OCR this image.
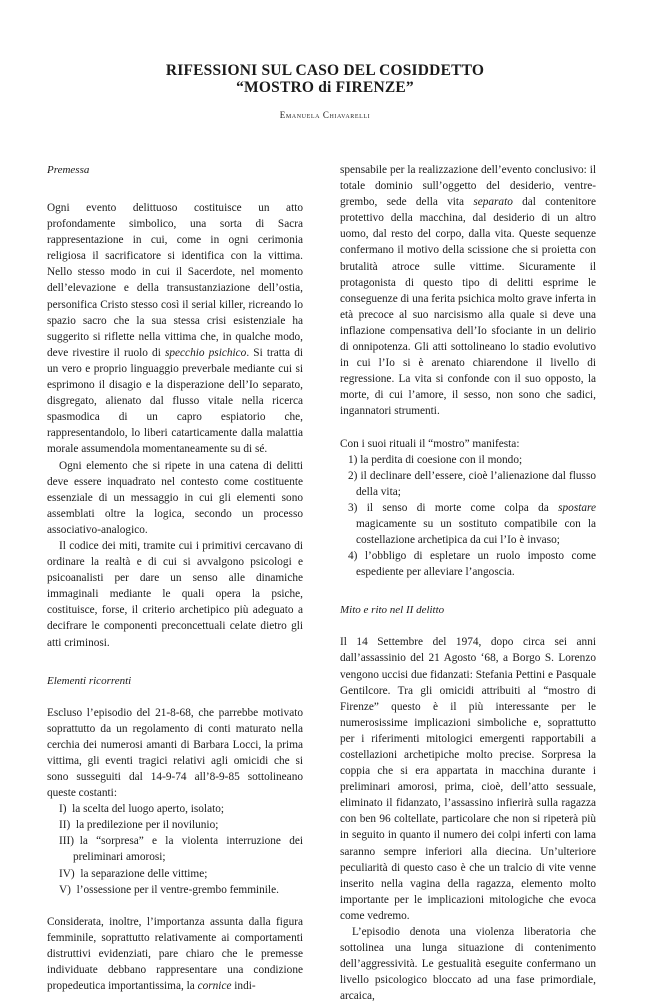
RIFESSIONI SUL CASO DEL COSIDDETTO
“MOSTRO di FIRENZE”
Emanuela Chiavarelli

Premessa

Ogni evento delittuoso costituisce un atto profondamente simbolico, una sorta di Sacra rappresentazione in cui, come in ogni cerimonia religiosa il sacrificatore si identifica con la vittima. Nello stesso modo in cui il Sacerdote, nel momento dell’elevazione e della transustanziazione dell’ostia, personifica Cristo stesso così il serial killer, ricreando lo spazio sacro che la sua stessa crisi esistenziale ha suggerito si riflette nella vittima che, in qualche modo, deve rivestire il ruolo di specchio psichico. Si tratta di un vero e proprio linguaggio preverbale mediante cui si esprimono il disagio e la disperazione dell’Io separato, disgregato, alienato dal flusso vitale nella ricerca spasmodica di un capro espiatorio che, rappresentandolo, lo liberi catarticamente dalla malattia morale assumendola momentaneamente su di sé.

Ogni elemento che si ripete in una catena di delitti deve essere inquadrato nel contesto come costituente essenziale di un messaggio in cui gli elementi sono assemblati oltre la logica, secondo un processo associativo-analogico.

Il codice dei miti, tramite cui i primitivi cercavano di ordinare la realtà e di cui si avvalgono psicologi e psicoanalisti per dare un senso alle dinamiche immaginali mediante le quali opera la psiche, costituisce, forse, il criterio archetipico più adeguato a decifrare le componenti preconcettuali celate dietro gli atti criminosi.

Elementi ricorrenti

Escluso l’episodio del 21-8-68, che parrebbe motivato soprattutto da un regolamento di conti maturato nella cerchia dei numerosi amanti di Barbara Locci, la prima vittima, gli eventi tragici relativi agli omicidi che si sono susseguiti dal 14-9-74 all’8-9-85 sottolineano queste costanti:

I) la scelta del luogo aperto, isolato;

II) la predilezione per il novilunio;

III) la “sorpresa” e la violenta interruzione dei preliminari amorosi;

IV) la separazione delle vittime;

V) l’ossessione per il ventre-grembo femminile.

Considerata, inoltre, l’importanza assunta dalla figura femminile, soprattutto relativamente ai comportamenti distruttivi evidenziati, pare chiaro che le premesse individuate debbano rappresentare una condizione propedeutica importantissima, la cornice indi-

spensabile per la realizzazione dell’evento conclusivo: il totale dominio sull’oggetto del desiderio, ventre-grembo, sede della vita separato dal contenitore protettivo della macchina, dal desiderio di un altro uomo, dal resto del corpo, dalla vita. Queste sequenze confermano il motivo della scissione che si proietta con brutalità atroce sulle vittime. Sicuramente il protagonista di questo tipo di delitti esprime le conseguenze di una ferita psichica molto grave inferta in età precoce al suo narcisismo alla quale si deve una inflazione compensativa dell’Io sfociante in un delirio di onnipotenza. Gli atti sottolineano lo stadio evolutivo in cui l’Io si è arenato chiarendone il livello di regressione. La vita si confonde con il suo opposto, la morte, di cui l’amore, il sesso, non sono che sadici, ingannatori strumenti.

Con i suoi rituali il “mostro” manifesta:

1) la perdita di coesione con il mondo;

2) il declinare dell’essere, cioè l’alienazione dal flusso della vita;

3) il senso di morte come colpa da spostare magicamente su un sostituto compatibile con la costellazione archetipica da cui l’Io è invaso;

4) l’obbligo di espletare un ruolo imposto come espediente per alleviare l’angoscia.

Mito e rito nel II delitto

Il 14 Settembre del 1974, dopo circa sei anni dall’assassinio del 21 Agosto ‘68, a Borgo S. Lorenzo vengono uccisi due fidanzati: Stefania Pettini e Pasquale Gentilcore. Tra gli omicidi attribuiti al “mostro di Firenze” questo è il più interessante per le numerosissime implicazioni simboliche e, soprattutto per i riferimenti mitologici emergenti rapportabili a costellazioni archetipiche molto precise. Sorpresa la coppia che si era appartata in macchina durante i preliminari amorosi, prima, cioè, dell’atto sessuale, eliminato il fidanzato, l’assassino infierirà sulla ragazza con ben 96 coltellate, particolare che non si ripeterà più in seguito in quanto il numero dei colpi inferti con lama saranno sempre inferiori alla diecina. Un’ulteriore peculiarità di questo caso è che un tralcio di vite venne inserito nella vagina della ragazza, elemento molto importante per le implicazioni mitologiche che evoca come vedremo.

L’episodio denota una violenza liberatoria che sottolinea una lunga situazione di contenimento dell’aggressività. Le gestualità eseguite confermano un livello psicologico bloccato ad una fase primordiale, arcaica,
